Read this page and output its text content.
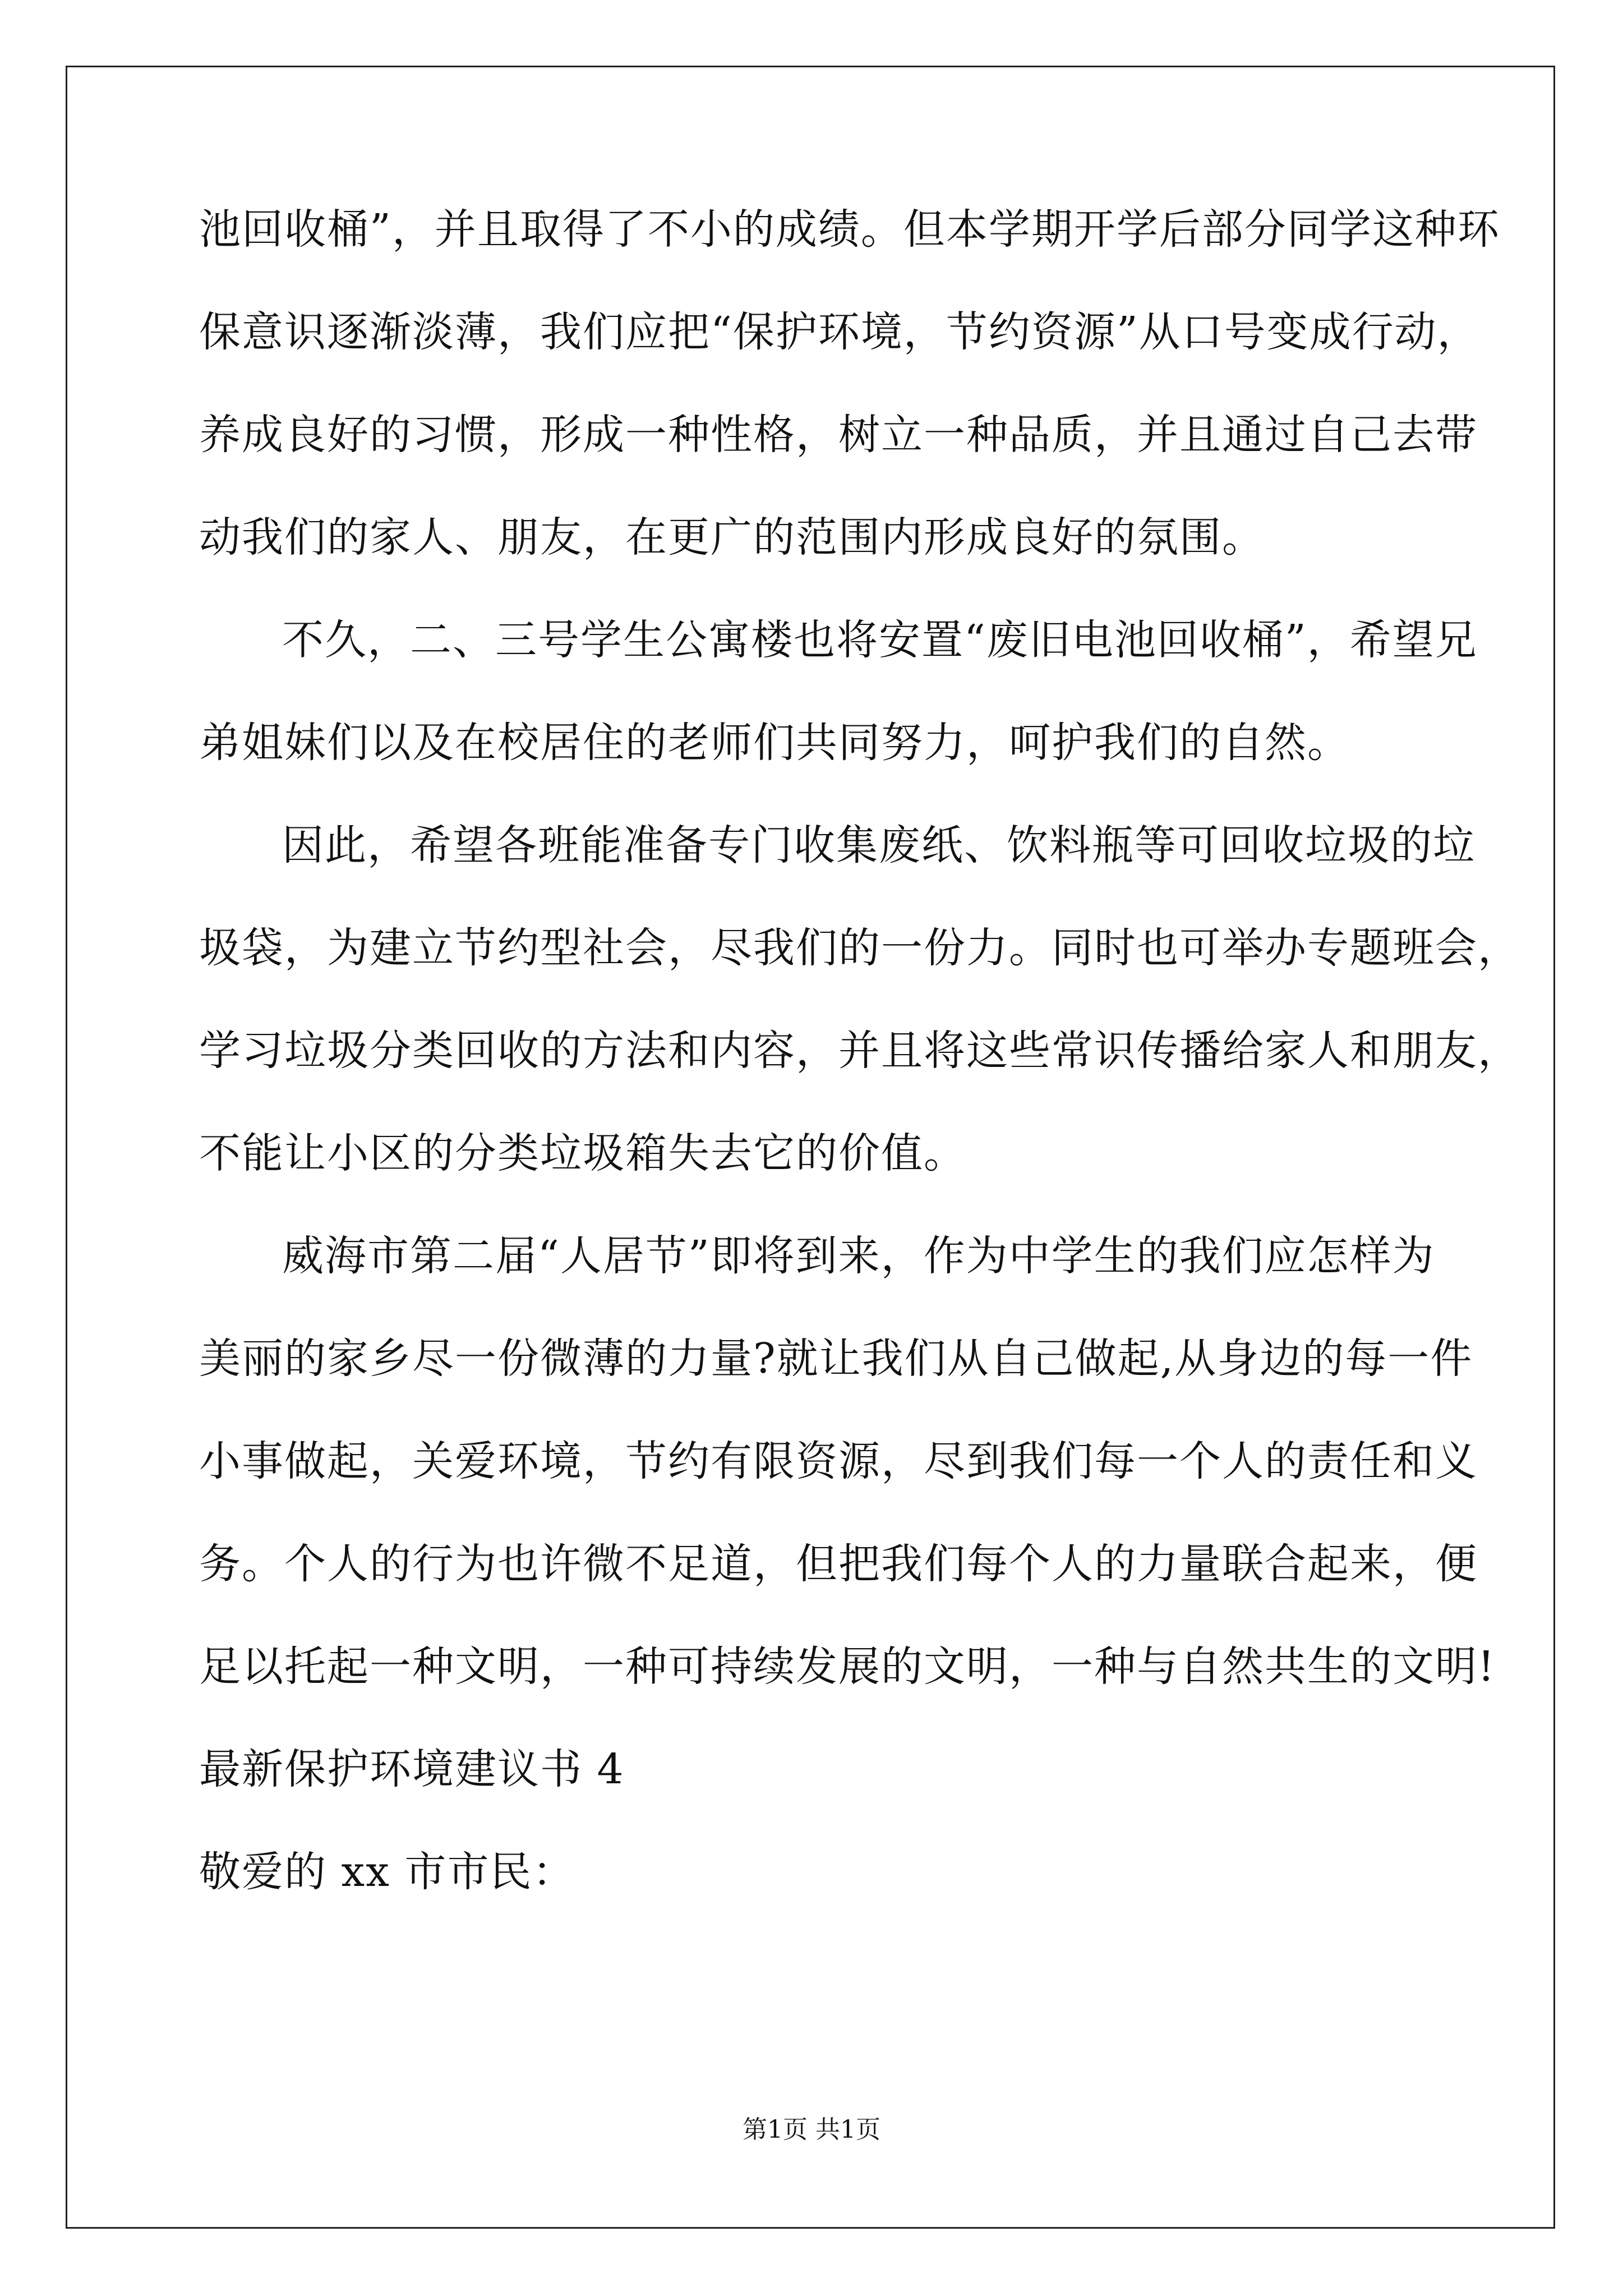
池回收桶”，并且取得了不小的成绩。但本学期开学后部分同学这种环
保意识逐渐淡薄，我们应把“保护环境，节约资源”从口号变成行动，
养成良好的习惯，形成一种性格，树立一种品质，并且通过自己去带
动我们的家人、朋友，在更广的范围内形成良好的氛围。
不久，二、三号学生公寓楼也将安置“废旧电池回收桶”，希望兄
弟姐妹们以及在校居住的老师们共同努力，呵护我们的自然。
因此，希望各班能准备专门收集废纸、饮料瓶等可回收垃圾的垃
圾袋，为建立节约型社会，尽我们的一份力。同时也可举办专题班会，
学习垃圾分类回收的方法和内容，并且将这些常识传播给家人和朋友，
不能让小区的分类垃圾箱失去它的价值。
威海市第二届“人居节”即将到来，作为中学生的我们应怎样为
美丽的家乡尽一份微薄的力量?就让我们从自己做起,从身边的每一件
小事做起，关爱环境，节约有限资源，尽到我们每一个人的责任和义
务。个人的行为也许微不足道，但把我们每个人的力量联合起来，便
足以托起一种文明，一种可持续发展的文明，一种与自然共生的文明!
最新保护环境建议书 4
敬爱的 xx 市市民：
第1页 共1页
